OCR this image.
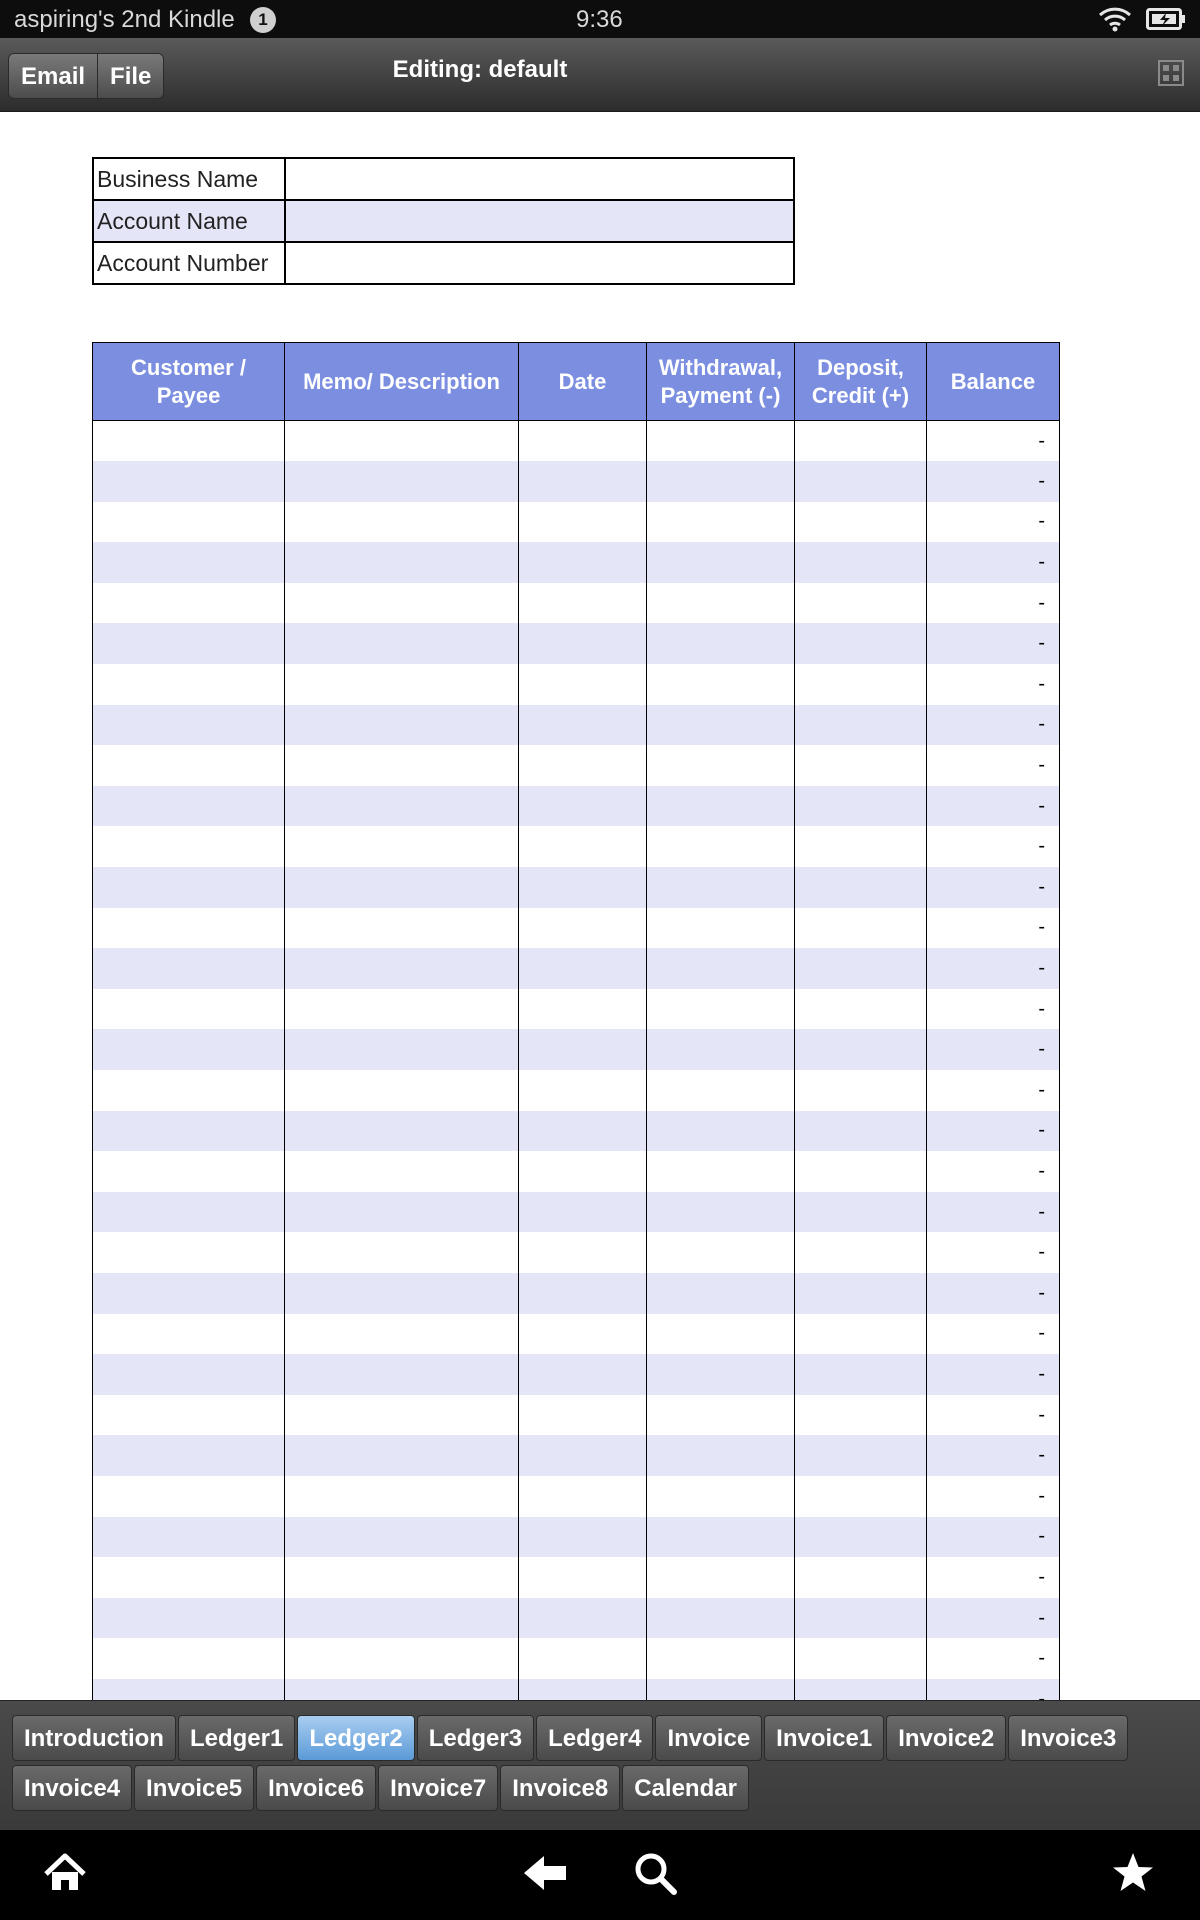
aspiring's 2nd Kindle	1	9:36
Email	File	Editing: default
Business Name	
Account Name	
Account Number	
Customer / Payee	Memo/ Description	Date	Withdrawal, Payment (-)	Deposit, Credit (+)	Balance
					-
					-
					-
					-
					-
					-
					-
					-
					-
					-
					-
					-
					-
					-
					-
					-
					-
					-
					-
					-
					-
					-
					-
					-
					-
					-
					-
					-
					-
					-
					-
					-
Introduction	Ledger1	Ledger2	Ledger3	Ledger4	Invoice	Invoice1	Invoice2	Invoice3
Invoice4	Invoice5	Invoice6	Invoice7	Invoice8	Calendar
